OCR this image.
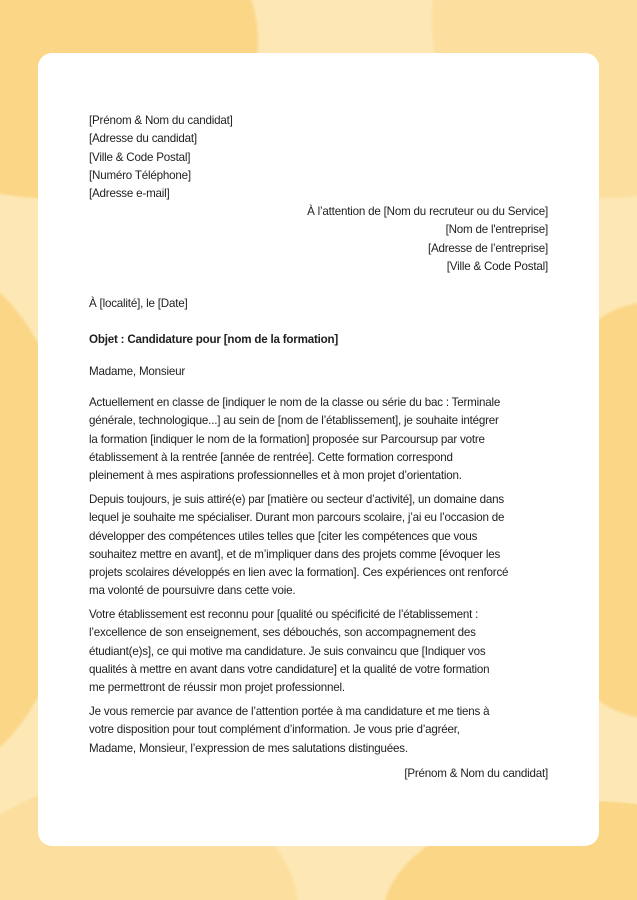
[Prénom & Nom du candidat]
[Adresse du candidat]
[Ville & Code Postal]
[Numéro Téléphone]
[Adresse e-mail]
À l’attention de [Nom du recruteur ou du Service]
[Nom de l'entreprise]
[Adresse de l’entreprise]
[Ville & Code Postal]
À [localité], le [Date]
Objet : Candidature pour [nom de la formation]
Madame, Monsieur
Actuellement en classe de [indiquer le nom de la classe ou série du bac : Terminale
générale, technologique...] au sein de [nom de l’établissement], je souhaite intégrer
la formation [indiquer le nom de la formation] proposée sur Parcoursup par votre
établissement à la rentrée [année de rentrée]. Cette formation correspond
pleinement à mes aspirations professionnelles et à mon projet d’orientation.
Depuis toujours, je suis attiré(e) par [matière ou secteur d’activité], un domaine dans
lequel je souhaite me spécialiser. Durant mon parcours scolaire, j’ai eu l’occasion de
développer des compétences utiles telles que [citer les compétences que vous
souhaitez mettre en avant], et de m’impliquer dans des projets comme [évoquer les
projets scolaires développés en lien avec la formation]. Ces expériences ont renforcé
ma volonté de poursuivre dans cette voie.
Votre établissement est reconnu pour [qualité ou spécificité de l’établissement :
l’excellence de son enseignement, ses débouchés, son accompagnement des
étudiant(e)s], ce qui motive ma candidature. Je suis convaincu que [Indiquer vos
qualités à mettre en avant dans votre candidature] et la qualité de votre formation
me permettront de réussir mon projet professionnel.
Je vous remercie par avance de l’attention portée à ma candidature et me tiens à
votre disposition pour tout complément d’information. Je vous prie d’agréer,
Madame, Monsieur, l’expression de mes salutations distinguées.
[Prénom & Nom du candidat]
